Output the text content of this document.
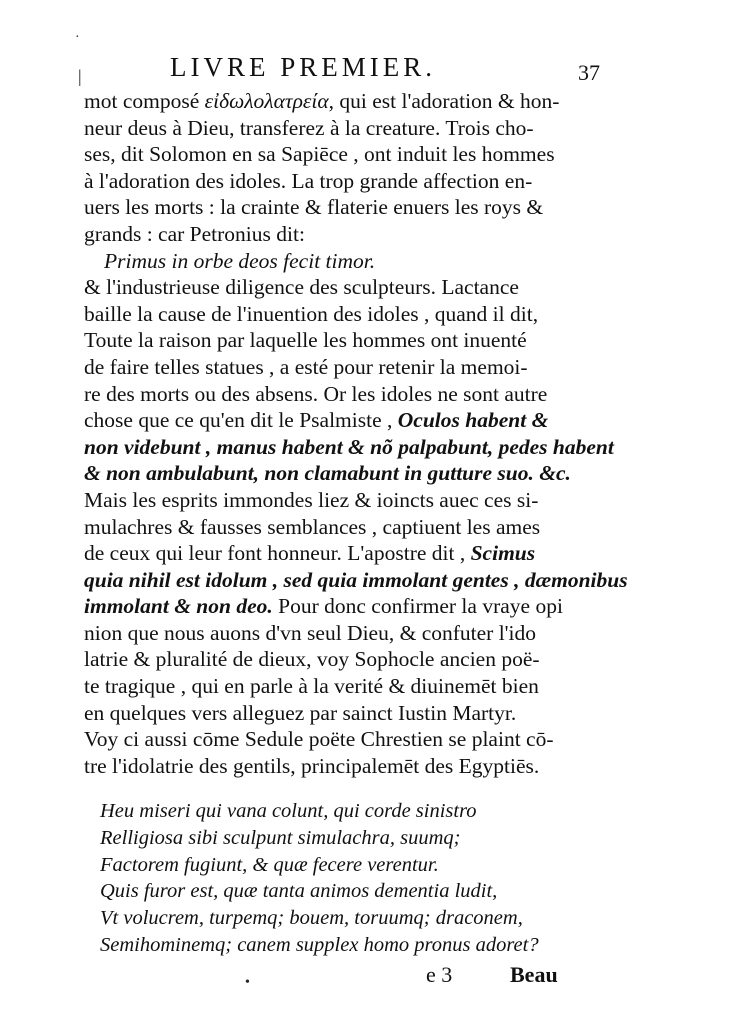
·
|
•
LIVRE PREMIER.	37
mot composé εἰδωλολατρεία, qui est l'adoration & hon-
neur deus à Dieu, transferez à la creature. Trois cho-
ses, dit Solomon en sa Sapiēce , ont induit les hommes
à l'adoration des idoles. La trop grande affection en-
uers les morts : la crainte & flaterie enuers les roys &
grands : car Petronius dit:
Primus in orbe deos fecit timor.
& l'industrieuse diligence des sculpteurs. Lactance
baille la cause de l'inuention des idoles , quand il dit,
Toute la raison par laquelle les hommes ont inuenté
de faire telles statues , a esté pour retenir la memoi-
re des morts ou des absens. Or les idoles ne sont autre
chose que ce qu'en dit le Psalmiste , Oculos habent &
non videbunt , manus habent & nõ palpabunt, pedes habent
& non ambulabunt, non clamabunt in gutture suo. &c.
Mais les esprits immondes liez & ioincts auec ces si-
mulachres & fausses semblances , captiuent les ames
de ceux qui leur font honneur. L'apostre dit , Scimus
quia nihil est idolum , sed quia immolant gentes , dæmonibus
immolant & non deo. Pour donc confirmer la vraye opi
nion que nous auons d'vn seul Dieu, & confuter l'ido
latrie & pluralité de dieux, voy Sophocle ancien poë-
te tragique , qui en parle à la verité & diuinemēt bien
en quelques vers alleguez par sainct Iustin Martyr.
Voy ci aussi cōme Sedule poëte Chrestien se plaint cō-
tre l'idolatrie des gentils, principalemēt des Egyptiēs.
Heu miseri qui vana colunt, qui corde sinistro
Relligiosa sibi sculpunt simulachra, suumq;
Factorem fugiunt, & quæ fecere verentur.
Quis furor est, quæ tanta animos dementia ludit,
Vt volucrem, turpemq; bouem, toruumq; draconem,
Semihominemq; canem supplex homo pronus adoret?
e 3	Beau
